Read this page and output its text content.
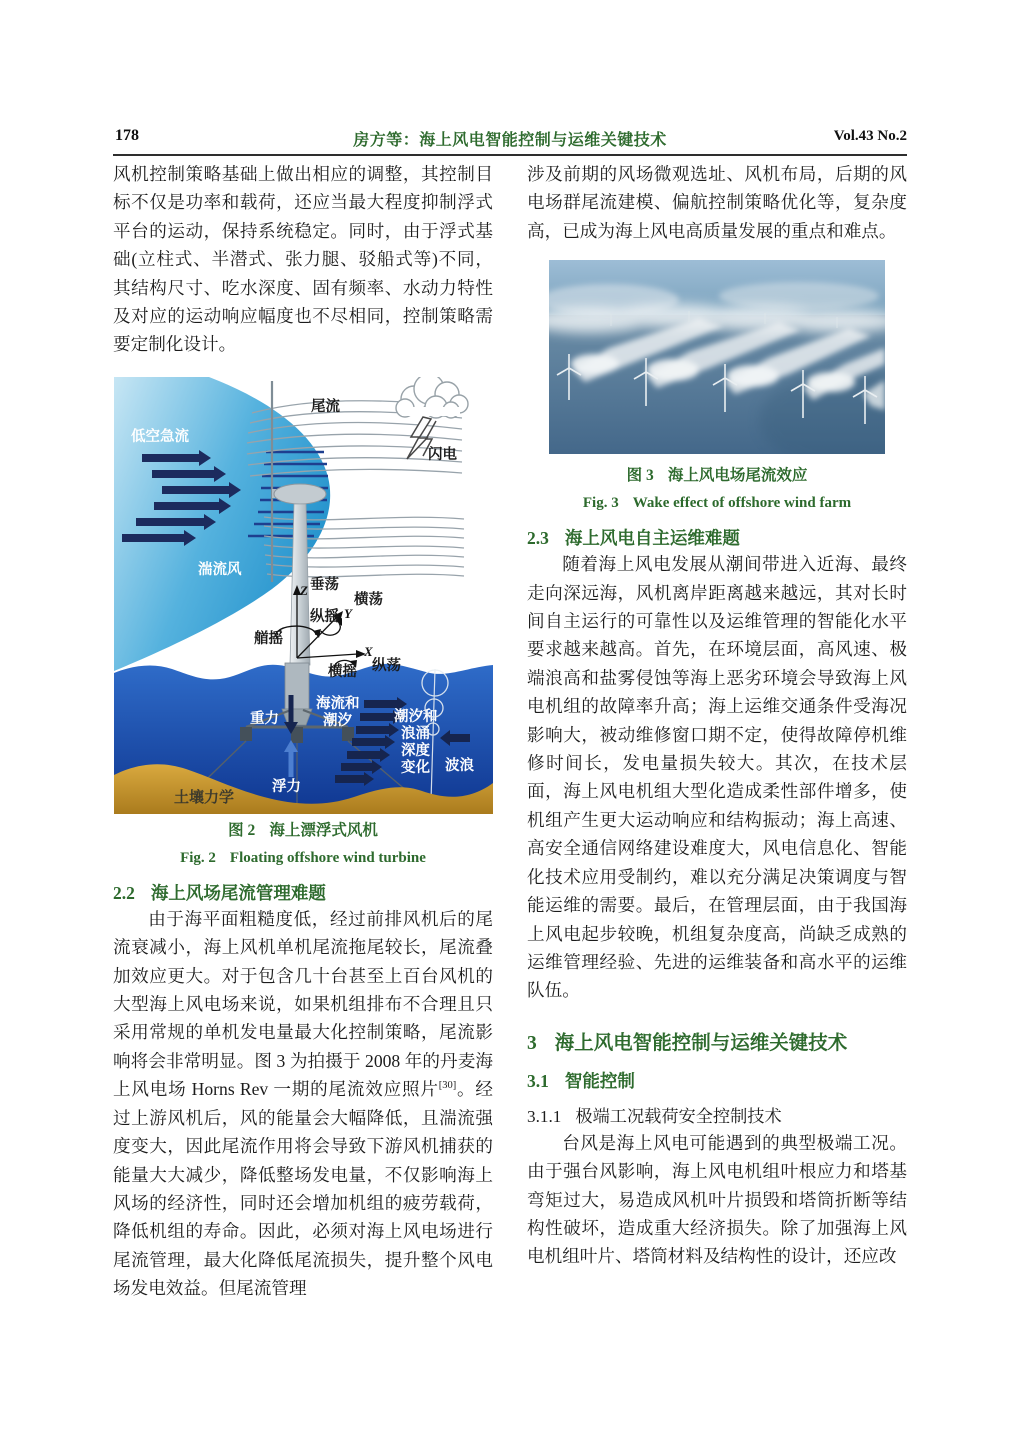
178	房方等：海上风电智能控制与运维关键技术	Vol.43 No.2

风机控制策略基础上做出相应的调整，其控制目标不仅是功率和载荷，还应当最大程度抑制浮式平台的运动，保持系统稳定。同时，由于浮式基础(立柱式、半潜式、张力腿、驳船式等)不同，其结构尺寸、吃水深度、固有频率、水动力特性及对应的运动响应幅度也不尽相同，控制策略需要定制化设计。

闪电
尾流
低空急流
湍流风
重力
浮力
海流和
潮汐	潮汐和
浪涌
深度
变化 波浪
土壤力学
Z
Y
X
垂荡
横荡
纵摇
艏摇
横摇 纵荡

图 2 海上漂浮式风机

Fig. 2 Floating offshore wind turbine

2.2 海上风场尾流管理难题

由于海平面粗糙度低，经过前排风机后的尾流衰减小，海上风机单机尾流拖尾较长，尾流叠加效应更大。对于包含几十台甚至上百台风机的大型海上风电场来说，如果机组排布不合理且只采用常规的单机发电量最大化控制策略，尾流影响将会非常明显。图 3 为拍摄于 2008 年的丹麦海上风电场 Horns Rev 一期的尾流效应照片[30]。经过上游风机后，风的能量会大幅降低，且湍流强度变大，因此尾流作用将会导致下游风机捕获的能量大大减少，降低整场发电量，不仅影响海上风场的经济性，同时还会增加机组的疲劳载荷，降低机组的寿命。因此，必须对海上风电场进行尾流管理，最大化降低尾流损失，提升整个风电场发电效益。但尾流管理

涉及前期的风场微观选址、风机布局，后期的风电场群尾流建模、偏航控制策略优化等，复杂度高，已成为海上风电高质量发展的重点和难点。

图 3 海上风电场尾流效应

Fig. 3 Wake effect of offshore wind farm

2.3 海上风电自主运维难题

随着海上风电发展从潮间带进入近海、最终走向深远海，风机离岸距离越来越远，其对长时间自主运行的可靠性以及运维管理的智能化水平要求越来越高。首先，在环境层面，高风速、极端浪高和盐雾侵蚀等海上恶劣环境会导致海上风电机组的故障率升高；海上运维交通条件受海况影响大，被动维修窗口期不定，使得故障停机维修时间长，发电量损失较大。其次，在技术层面，海上风电机组大型化造成柔性部件增多，使机组产生更大运动响应和结构振动；海上高速、高安全通信网络建设难度大，风电信息化、智能化技术应用受制约，难以充分满足决策调度与智能运维的需要。最后，在管理层面，由于我国海上风电起步较晚，机组复杂度高，尚缺乏成熟的运维管理经验、先进的运维装备和高水平的运维队伍。

3 海上风电智能控制与运维关键技术
3.1 智能控制
3.1.1 极端工况载荷安全控制技术

台风是海上风电可能遇到的典型极端工况。由于强台风影响，海上风电机组叶根应力和塔基弯矩过大，易造成风机叶片损毁和塔筒折断等结构性破坏，造成重大经济损失。除了加强海上风电机组叶片、塔筒材料及结构性的设计，还应改
